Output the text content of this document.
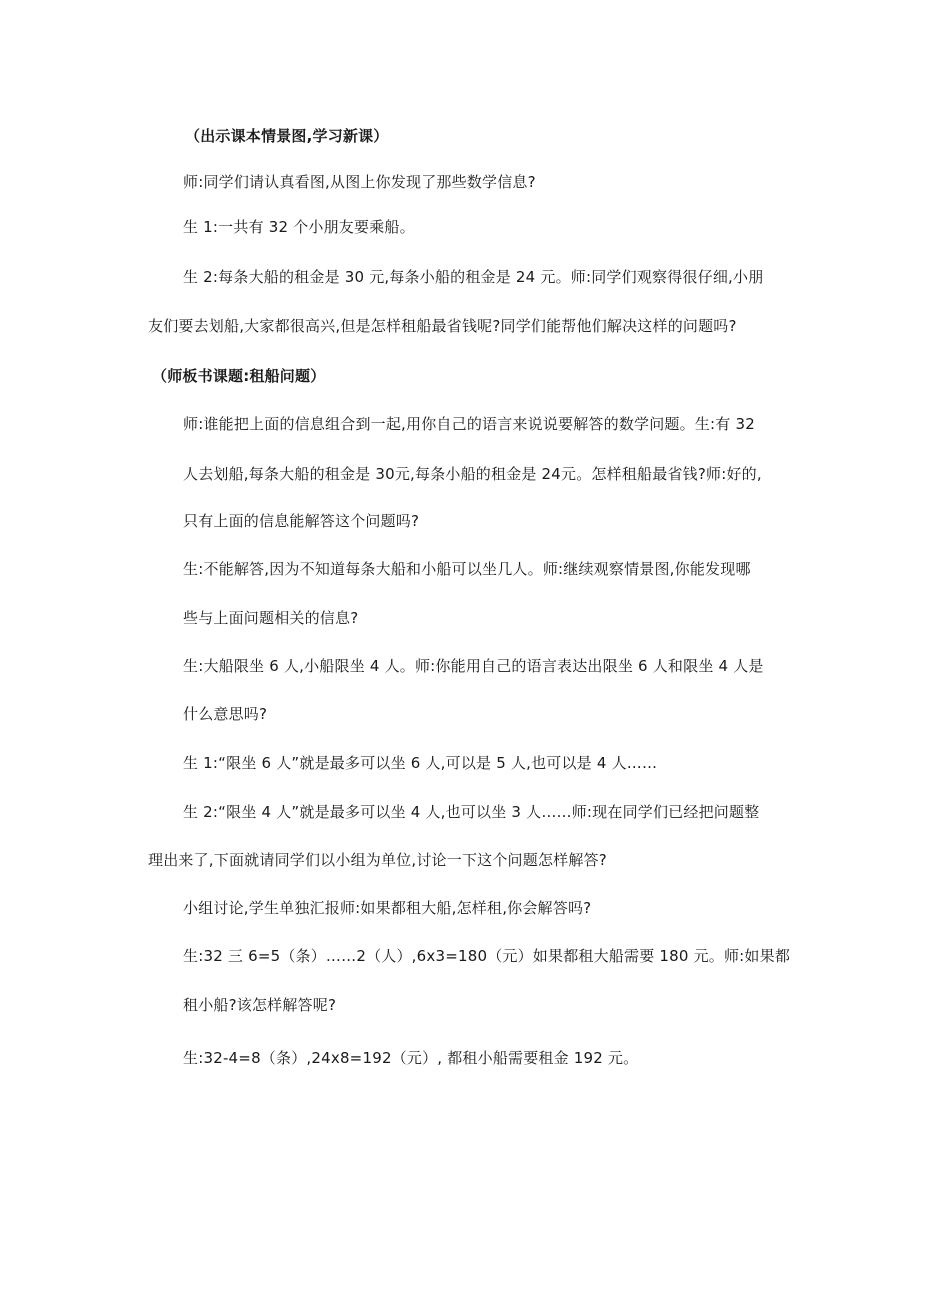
（出示课本情景图,学习新课）
师:同学们请认真看图,从图上你发现了那些数学信息?
生 1:一共有 32 个小朋友要乘船。
生 2:每条大船的租金是 30 元,每条小船的租金是 24 元。师:同学们观察得很仔细,小朋
友们要去划船,大家都很高兴,但是怎样租船最省钱呢?同学们能帮他们解决这样的问题吗?
（师板书课题:租船问题）
师:谁能把上面的信息组合到一起,用你自己的语言来说说要解答的数学问题。生:有 32
人去划船,每条大船的租金是 30元,每条小船的租金是 24元。怎样租船最省钱?师:好的,
只有上面的信息能解答这个问题吗?
生:不能解答,因为不知道每条大船和小船可以坐几人。师:继续观察情景图,你能发现哪
些与上面问题相关的信息?
生:大船限坐 6 人,小船限坐 4 人。师:你能用自己的语言表达出限坐 6 人和限坐 4 人是
什么意思吗?
生 1:“限坐 6 人”就是最多可以坐 6 人,可以是 5 人,也可以是 4 人……
生 2:“限坐 4 人”就是最多可以坐 4 人,也可以坐 3 人……师:现在同学们已经把问题整
理出来了,下面就请同学们以小组为单位,讨论一下这个问题怎样解答?
小组讨论,学生单独汇报师:如果都租大船,怎样租,你会解答吗?
生:32 三 6=5（条）……2（人）,6x3=180（元）如果都租大船需要 180 元。师:如果都
租小船?该怎样解答呢?
生:32-4=8（条）,24x8=192（元）, 都租小船需要租金 192 元。
